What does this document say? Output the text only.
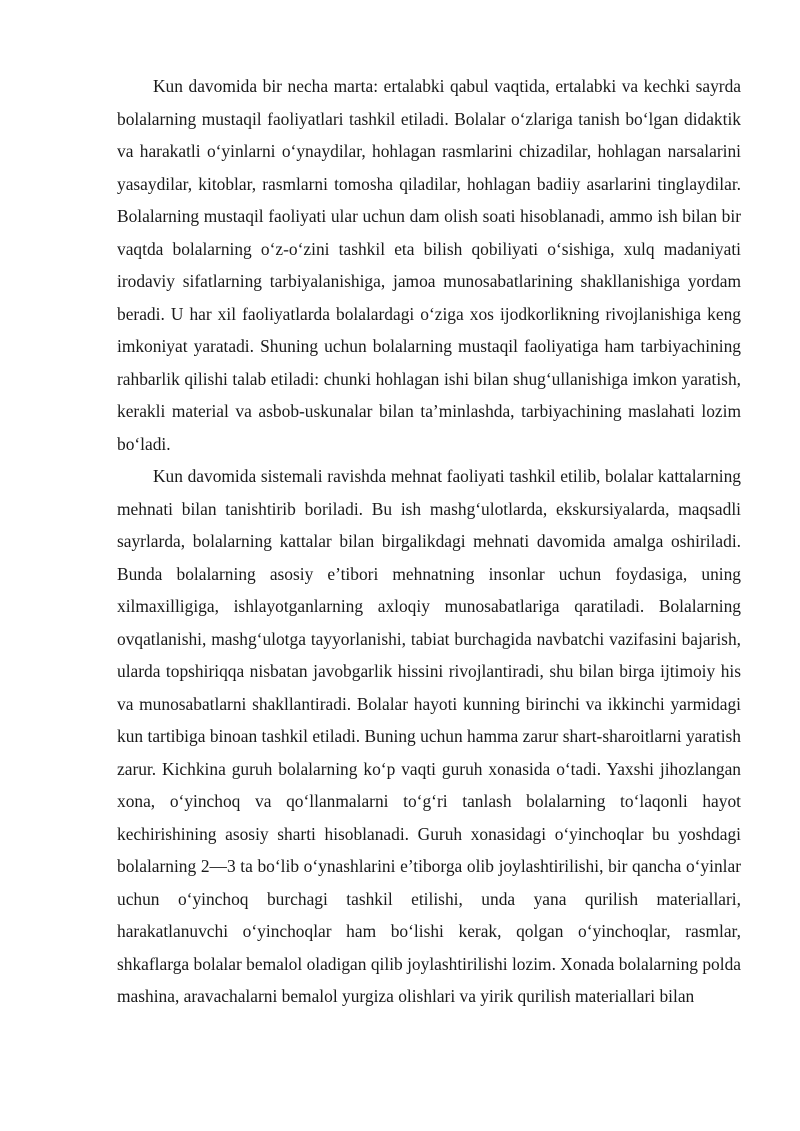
Kun davomida bir necha marta: ertalabki qabul vaqtida, ertalabki va kechki sayrda bolalarning mustaqil faoliyatlari tashkil etiladi. Bolalar o‘zlariga tanish bo‘lgan didaktik va harakatli o‘yinlarni o‘ynaydilar, hohlagan rasmlarini chizadilar, hohlagan narsalarini yasaydilar, kitoblar, rasmlarni tomosha qiladilar, hohlagan badiiy asarlarini tinglaydilar. Bolalarning mustaqil faoliyati ular uchun dam olish soati hisoblanadi, ammo ish bilan bir vaqtda bolalarning o‘z-o‘zini tashkil eta bilish qobiliyati o‘sishiga, xulq madaniyati irodaviy sifatlarning tarbiyalanishiga, jamoa munosabatlarining shakllanishiga yordam beradi. U har xil faoliyatlarda bolalardagi o‘ziga xos ijodkorlikning rivojlanishiga keng imkoniyat yaratadi. Shuning uchun bolalarning mustaqil faoliyatiga ham tarbiyachining rahbarlik qilishi talab etiladi: chunki hohlagan ishi bilan shug‘ullanishiga imkon yaratish, kerakli material va asbob-uskunalar bilan ta’minlashda, tarbiyachining maslahati lozim bo‘ladi.

Kun davomida sistemali ravishda mehnat faoliyati tashkil etilib, bolalar kattalarning mehnati bilan tanishtirib boriladi. Bu ish mashg‘ulotlarda, ekskursiyalarda, maqsadli sayrlarda, bolalarning kattalar bilan birgalikdagi mehnati davomida amalga oshiriladi. Bunda bolalarning asosiy e’tibori mehnatning insonlar uchun foydasiga, uning xilmaxilligiga, ishlayotganlarning axloqiy munosabatlariga qaratiladi. Bolalarning ovqatlanishi, mashg‘ulotga tayyorlanishi, tabiat burchagida navbatchi vazifasini bajarish, ularda topshiriqqa nisbatan javobgarlik hissini rivojlantiradi, shu bilan birga ijtimoiy his va munosabatlarni shakllantiradi. Bolalar hayoti kunning birinchi va ikkinchi yarmidagi kun tartibiga binoan tashkil etiladi. Buning uchun hamma zarur shart-sharoitlarni yaratish zarur. Kichkina guruh bolalarning ko‘p vaqti guruh xonasida o‘tadi. Yaxshi jihozlangan xona, o‘yinchoq va qo‘llanmalarni to‘g‘ri tanlash bolalarning to‘laqonli hayot kechirishining asosiy sharti hisoblanadi. Guruh xonasidagi o‘yinchoqlar bu yoshdagi bolalarning 2—3 ta bo‘lib o‘ynashlarini e’tiborga olib joylashtirilishi, bir qancha o‘yinlar uchun o‘yinchoq burchagi tashkil etilishi, unda yana qurilish materiallari, harakatlanuvchi o‘yinchoqlar ham bo‘lishi kerak, qolgan o‘yinchoqlar, rasmlar, shkaflarga bolalar bemalol oladigan qilib joylashtirilishi lozim. Xonada bolalarning polda mashina, aravachalarni bemalol yurgiza olishlari va yirik qurilish materiallari bilan
